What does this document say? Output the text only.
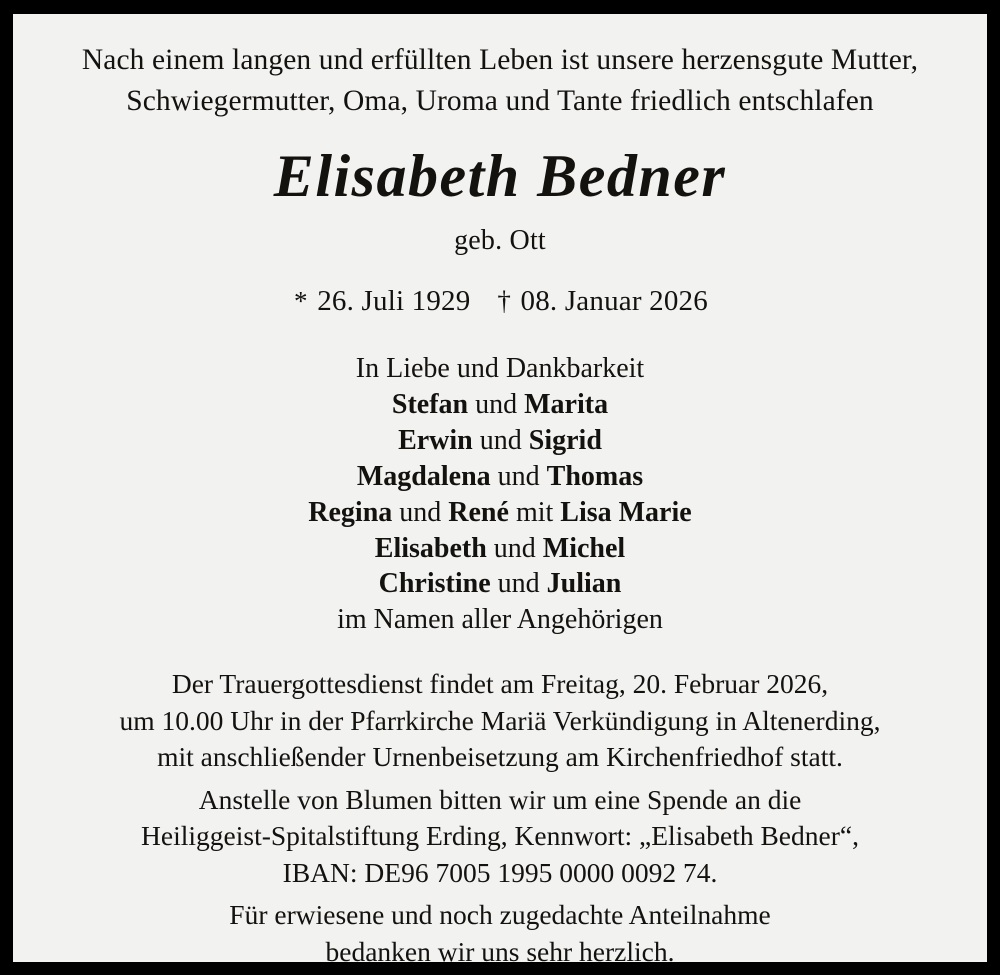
Nach einem langen und erfüllten Leben ist unsere herzensgute Mutter,
Schwiegermutter, Oma, Uroma und Tante friedlich entschlafen
Elisabeth Bedner
geb. Ott
* 26. Juli 1929 † 08. Januar 2026
In Liebe und Dankbarkeit
Stefan und Marita
Erwin und Sigrid
Magdalena und Thomas
Regina und René mit Lisa Marie
Elisabeth und Michel
Christine und Julian
im Namen aller Angehörigen
Der Trauergottesdienst findet am Freitag, 20. Februar 2026,
um 10.00 Uhr in der Pfarrkirche Mariä Verkündigung in Altenerding,
mit anschließender Urnenbeisetzung am Kirchenfriedhof statt.
Anstelle von Blumen bitten wir um eine Spende an die
Heiliggeist-Spitalstiftung Erding, Kennwort: „Elisabeth Bedner“,
IBAN: DE96 7005 1995 0000 0092 74.
Für erwiesene und noch zugedachte Anteilnahme
bedanken wir uns sehr herzlich.
